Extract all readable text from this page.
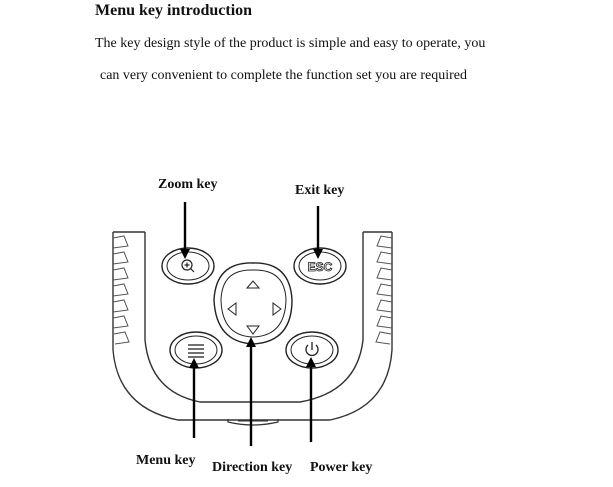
Menu key introduction
The key design style of the product is simple and easy to operate, you
can very convenient to complete the function set you are required
ESC
Zoom key	Exit key
Menu key Direction key Power key
